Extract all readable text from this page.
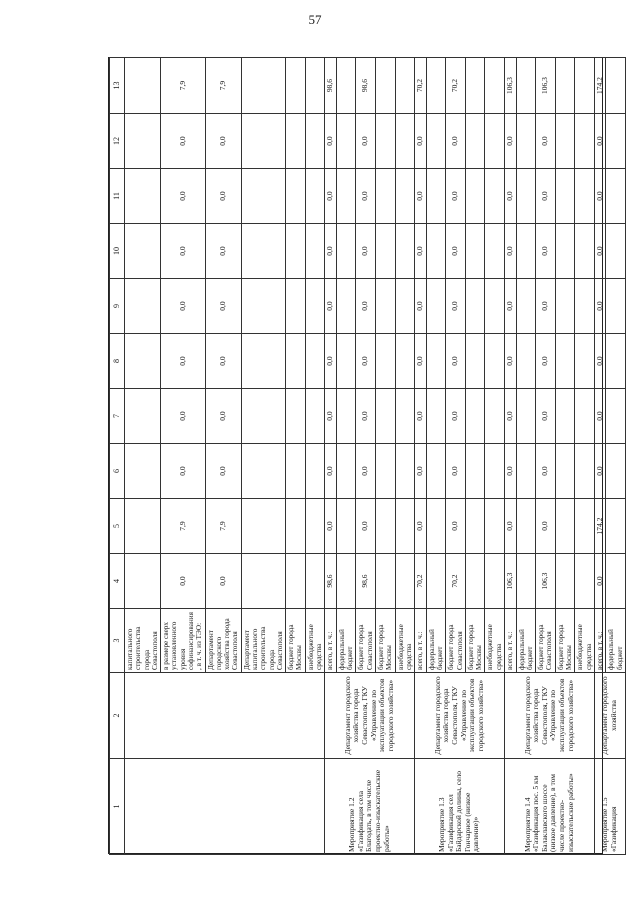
57
1	2	3	4	5	6	7	8	9	10	11	12	13
		капитального строительства города Севастополя										
		в размере сверх установленного уровня софинансирования, в т. ч. из ТЭО:	0,0	7,9	0,0	0,0	0,0	0,0	0,0	0,0	0,0	7,9
		Департамент городского хозяйства города Севастополя	0,0	7,9	0,0	0,0	0,0	0,0	0,0	0,0	0,0	7,9
		Департамент капитального строительства города Севастополя										
		бюджет города Москвы										
		внебюджетные средства										
Мероприятие 1.2 «Газификация села Благодать, в том числе проектно-изыскательские работы»	Департамент городского хозяйства города Севастополя, ГКУ «Управление по эксплуатации объектов городского хозяйства»	всего, в т. ч.:	98,6	0,0	0,0	0,0	0,0	0,0	0,0	0,0	0,0	98,6
		федеральный бюджет										
		бюджет города Севастополя	98,6	0,0	0,0	0,0	0,0	0,0	0,0	0,0	0,0	98,6
		бюджет города Москвы										
		внебюджетные средства										
Мероприятие 1.3 «Газификация сел Байдарской долины, село Гончарное (низкое давление)»	Департамент городского хозяйства города Севастополя, ГКУ «Управление по эксплуатации объектов городского хозяйства»	всего, в т. ч.:	70,2	0,0	0,0	0,0	0,0	0,0	0,0	0,0	0,0	70,2
		федеральный бюджет										
		бюджет города Севастополя	70,2	0,0	0,0	0,0	0,0	0,0	0,0	0,0	0,0	70,2
		бюджет города Москвы										
		внебюджетные средства										
Мероприятие 1.4 «Газификация пос. 5 км Балаклавского шоссе (низкое давление), в том числе проектно-изыскательские работы»	Департамент городского хозяйства города Севастополя, ГКУ «Управление по эксплуатации объектов городского хозяйства»	всего, в т. ч.:	106,3	0,0	0,0	0,0	0,0	0,0	0,0	0,0	0,0	106,3
		федеральный бюджет										
		бюджет города Севастополя	106,3	0,0	0,0	0,0	0,0	0,0	0,0	0,0	0,0	106,3
		бюджет города Москвы										
		внебюджетные средства										
Мероприятие 1.5 «Газификация	Департамент городского хозяйства	всего, в т. ч.:	0,0	174,2	0,0	0,0	0,0	0,0	0,0	0,0	0,0	174,2
		федеральный бюджет										
